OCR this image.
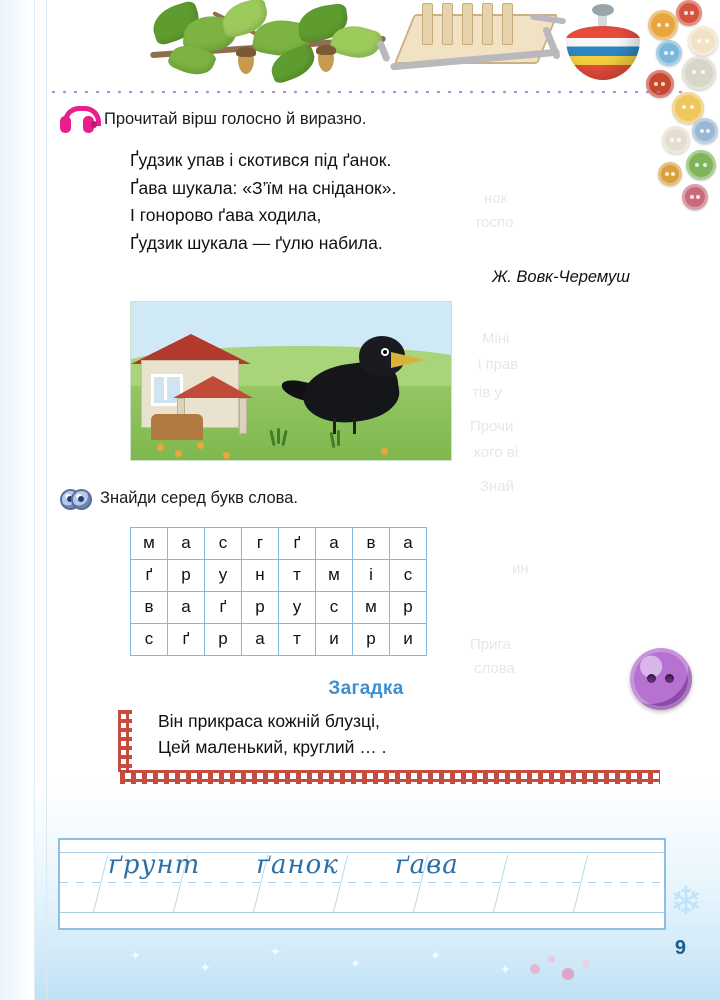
нок
госпо
Міні
і прав
тів у
Прочи
кого ві
Знай
ин
Прига
слова
Прочитай вірш голосно й виразно.
Ґудзик упав і скотився під ґанок.
Ґава шукала: «З’їм на сніданок».
І гонорово ґава ходила,
Ґудзик шукала — ґулю набила.
Ж. Вовк-Черемуш
Знайди серед букв слова.
м	а	с	г	ґ	а	в	а
ґ	р	у	н	т	м	і	с
в	а	ґ	р	у	с	м	р
с	ґ	р	а	т	и	р	и
Загадка
Він прикраса кожній блузці,
Цей маленький, круглий … .
ґрунт ґанок ґава
❄
✦
✦
✦
✦
✦
✦
9
